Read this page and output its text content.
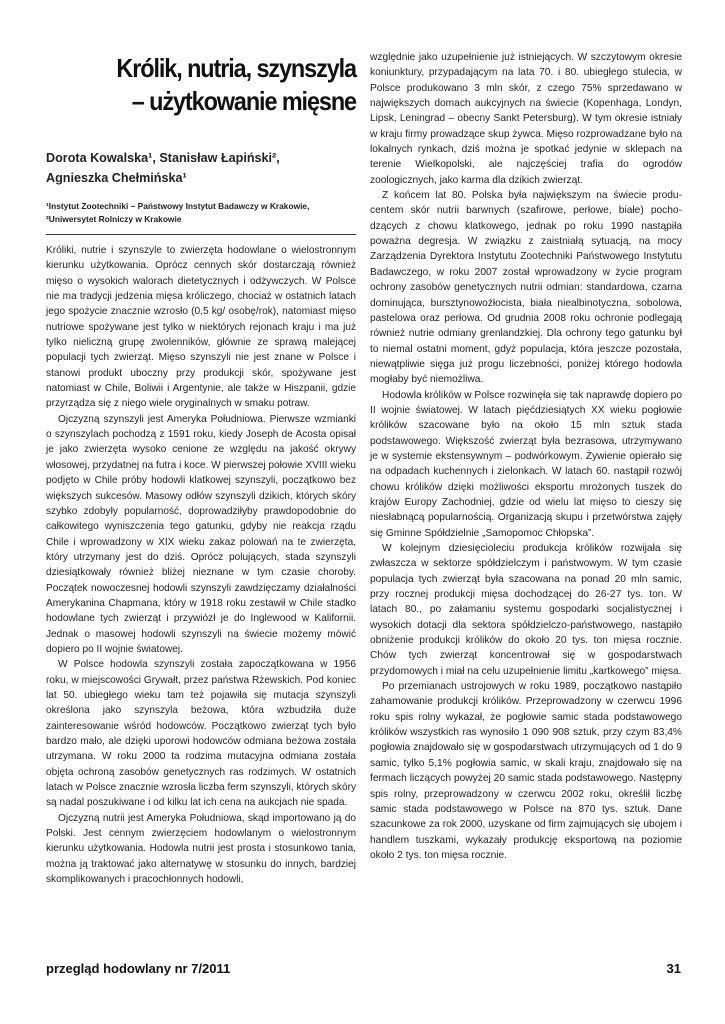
Królik, nutria, szynszyla
– użytkowanie mięsne
Dorota Kowalska¹, Stanisław Łapiński²,
Agnieszka Chełmińska¹
¹Instytut Zootechniki – Państwowy Instytut Badawczy w Krakowie,
²Uniwersytet Rolniczy w Krakowie

Króliki, nutrie i szynszyle to zwierzęta hodowlane o wielostronnym kierunku użytkowania. Oprócz cennych skór dostarczają również mięso o wysokich walorach dietetycznych i odżywczych. W Polsce nie ma tradycji jedzenia mięsa króliczego, chociaż w ostatnich latach jego spożycie znacznie wzrosło (0,5 kg/ osobę/rok), natomiast mięso nutriowe spożywane jest tylko w niektórych rejonach kraju i ma już tylko nieliczną grupę zwolenników, głównie ze sprawą malejącej populacji tych zwierząt. Mięso szynszyli nie jest znane w Polsce i stanowi produkt uboczny przy produkcji skór, spożywane jest natomiast w Chile, Boliwii i Argentynie, ale także w Hiszpanii, gdzie przyrządza się z niego wiele oryginalnych w smaku potraw.

Ojczyzną szynszyli jest Ameryka Południowa. Pierwsze wzmianki o szynszylach pochodzą z 1591 roku, kiedy Joseph de Acosta opisał je jako zwierzęta wysoko cenione ze względu na jakość okrywy włosowej, przydatnej na futra i koce. W pierwszej połowie XVIII wieku podjęto w Chile próby hodowli klatkowej szynszyli, początkowo bez większych sukcesów. Masowy odłów szynszyli dzikich, których skóry szybko zdobyły popularność, doprowadziłyby prawdopodobnie do całkowitego wyniszczenia tego gatunku, gdyby nie reakcja rządu Chile i wprowadzony w XIX wieku zakaz polowań na te zwierzęta, który utrzymany jest do dziś. Oprócz polujących, stada szynszyli dziesiątkowały również bliżej nieznane w tym czasie choroby. Początek nowoczesnej hodowli szynszyli zawdzięczamy działalności Amerykanina Chapmana, który w 1918 roku zestawił w Chile stadko hodowlane tych zwierząt i przywiózł je do Inglewood w Kalifornii. Jednak o masowej hodowli szynszyli na świecie możemy mówić dopiero po II wojnie światowej.

W Polsce hodowla szynszyli została zapoczątkowana w 1956 roku, w miejscowości Grywałt, przez państwa Rżewskich. Pod koniec lat 50. ubiegłego wieku tam też pojawiła się mutacja szynszyli określona jako szynszyla beżowa, która wzbudziła duże zainteresowanie wśród hodowców. Początkowo zwierząt tych było bardzo mało, ale dzięki uporowi hodowców odmiana beżowa została utrzymana. W roku 2000 ta rodzima mutacyjna odmiana została objęta ochroną zasobów genetycznych ras rodzimych. W ostatnich latach w Polsce znacznie wzrosła liczba ferm szynszyli, których skóry są nadal poszukiwane i od kilku lat ich cena na aukcjach nie spada.

Ojczyzną nutrii jest Ameryka Południowa, skąd importowano ją do Polski. Jest cennym zwierzęciem hodowlanym o wielostronnym kierunku użytkowania. Hodowla nutrii jest prosta i stosunkowo tania, można ją traktować jako alternatywę w stosunku do innych, bardziej skomplikowanych i pracochłonnych hodowli,

względnie jako uzupełnienie już istniejących. W szczytowym okresie koniunktury, przypadającym na lata 70. i 80. ubiegłego stulecia, w Polsce produkowano 3 mln skór, z czego 75% sprzedawano w największych domach aukcyjnych na świecie (Kopenhaga, Londyn, Lipsk, Leningrad – obecny Sankt Petersburg). W tym okresie istniały w kraju firmy prowadzące skup żywca. Mięso rozprowadzane było na lokalnych rynkach, dziś można je spotkać jedynie w sklepach na terenie Wielkopolski, ale najczęściej trafia do ogrodów zoologicznych, jako karma dla dzikich zwierząt.

Z końcem lat 80. Polska była największym na świecie producentem skór nutrii barwnych (szafirowe, perłowe, białe) pochodzących z chowu klatkowego, jednak po roku 1990 nastąpiła poważna degresja. W związku z zaistniałą sytuacją, na mocy Zarządzenia Dyrektora Instytutu Zootechniki Państwowego Instytutu Badawczego, w roku 2007 został wprowadzony w życie program ochrony zasobów genetycznych nutrii odmian: standardowa, czarna dominująca, bursztynowoźłocista, biała niealbinotyczna, sobolowa, pastelowa oraz perłowa. Od grudnia 2008 roku ochronie podlegają również nutrie odmiany grenlandzkiej. Dla ochrony tego gatunku był to niemal ostatni moment, gdyż populacja, która jeszcze pozostała, niewątpliwie sięga już progu liczebności, poniżej którego hodowla mogłaby być niemożliwa.

Hodowla królików w Polsce rozwinęła się tak naprawdę dopiero po II wojnie światowej. W latach pięćdziesiątych XX wieku pogłowie królików szacowane było na około 15 mln sztuk stada podstawowego. Większość zwierząt była bezrasowa, utrzymywano je w systemie ekstensywnym – podwórkowym. Żywienie opierało się na odpadach kuchennych i zielonkach. W latach 60. nastąpił rozwój chowu królików dzięki możliwości eksportu mrożonych tuszek do krajów Europy Zachodniej, gdzie od wielu lat mięso to cieszy się niesłabnącą popularnością. Organizacją skupu i przetwórstwa zajęły się Gminne Spółdzielnie „Samopomoc Chłopska”.

W kolejnym dziesięcioleciu produkcja królików rozwijała się zwłaszcza w sektorze spółdzielczym i państwowym. W tym czasie populacja tych zwierząt była szacowana na ponad 20 mln samic, przy rocznej produkcji mięsa dochodzącej do 26-27 tys. ton. W latach 80., po załamaniu systemu gospodarki socjalistycznej i wysokich dotacji dla sektora spółdzielczo-państwowego, nastąpiło obniżenie produkcji królików do około 20 tys. ton mięsa rocznie. Chów tych zwierząt koncentrował się w gospodarstwach przydomowych i miał na celu uzupełnienie limitu „kartkowego” mięsa.

Po przemianach ustrojowych w roku 1989, początkowo nastąpiło zahamowanie produkcji królików. Przeprowadzony w czerwcu 1996 roku spis rolny wykazał, że pogłowie samic stada podstawowego królików wszystkich ras wynosiło 1 090 908 sztuk, przy czym 83,4% pogłowia znajdowało się w gospodarstwach utrzymujących od 1 do 9 samic, tylko 5,1% pogłowia samic, w skali kraju, znajdowało się na fermach liczących powyżej 20 samic stada podstawowego. Następny spis rolny, przeprowadzony w czerwcu 2002 roku, określił liczbę samic stada podstawowego w Polsce na 870 tys. sztuk. Dane szacunkowe za rok 2000, uzyskane od firm zajmujących się ubojem i handlem tuszkami, wykazały produkcję eksportową na poziomie około 2 tys. ton mięsa rocznie.

przegląd hodowlany nr 7/2011	31
